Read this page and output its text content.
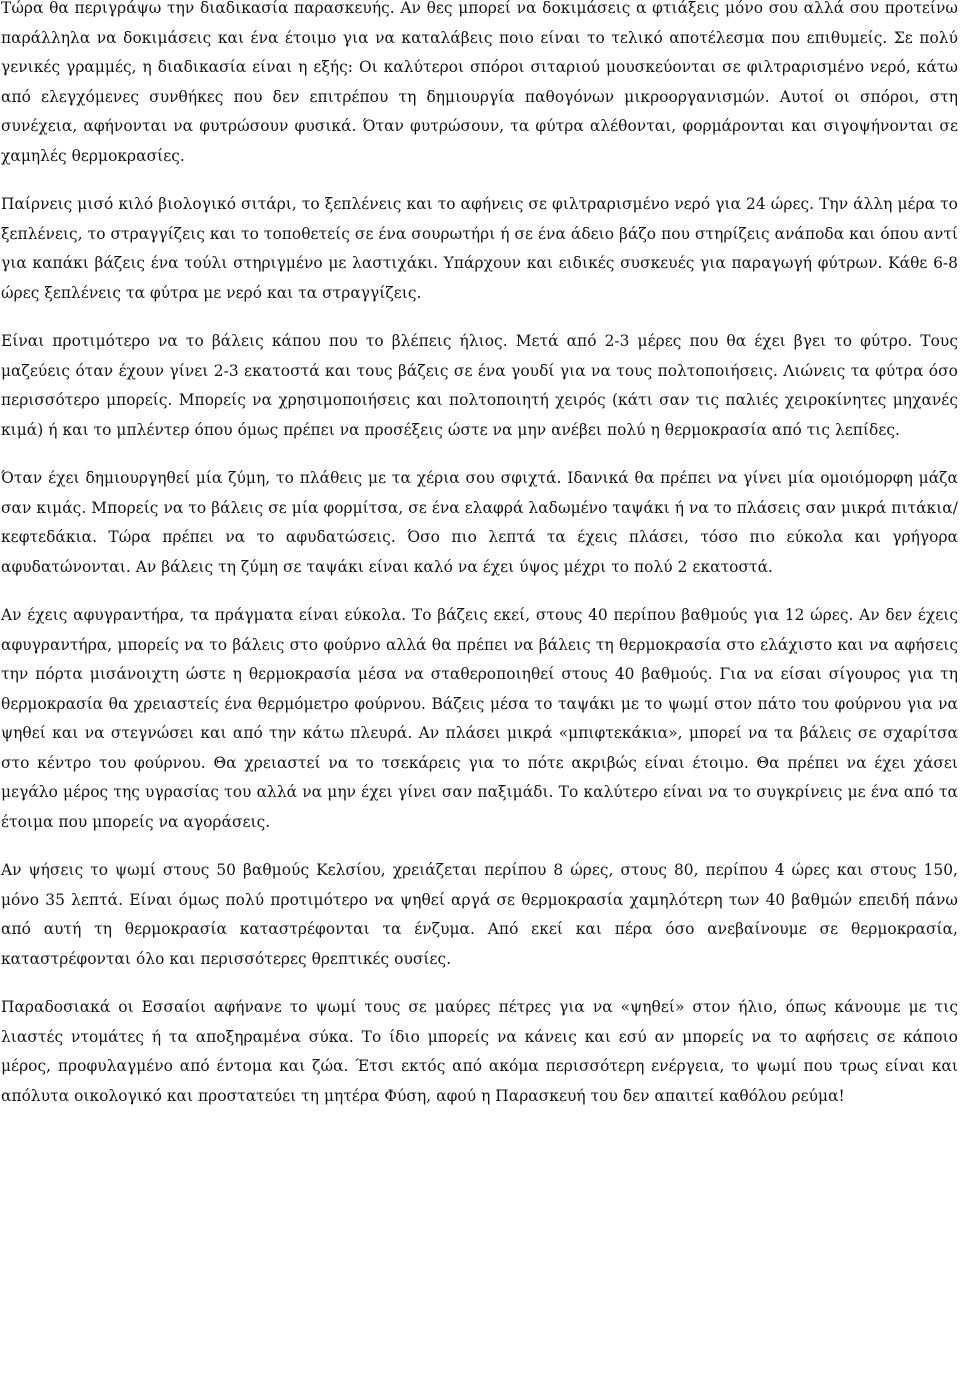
Τώρα θα περιγράψω την διαδικασία παρασκευής. Αν θες μπορεί να δοκιμάσεις α φτιάξεις μόνο σου αλλά σου προτείνω παράλληλα να δοκιμάσεις και ένα έτοιμο για να καταλάβεις ποιο είναι το τελικό αποτέλεσμα που επιθυμείς. Σε πολύ γενικές γραμμές, η διαδικασία είναι η εξής: Οι καλύτεροι σπόροι σιταριού μουσκεύονται σε φιλτραρισμένο νερό, κάτω από ελεγχόμενες συνθήκες που δεν επιτρέπου τη δημιουργία παθογόνων μικροοργανισμών. Αυτοί οι σπόροι, στη συνέχεια, αφήνονται να φυτρώσουν φυσικά. Όταν φυτρώσουν, τα φύτρα αλέθονται, φορμάρονται και σιγοψήνονται σε χαμηλές θερμοκρασίες.

Παίρνεις μισό κιλό βιολογικό σιτάρι, το ξεπλένεις και το αφήνεις σε φιλτραρισμένο νερό για 24 ώρες. Την άλλη μέρα το ξεπλένεις, το στραγγίζεις και το τοποθετείς σε ένα σουρωτήρι ή σε ένα άδειο βάζο που στηρίζεις ανάποδα και όπου αντί για καπάκι βάζεις ένα τούλι στηριγμένο με λαστιχάκι. Υπάρχουν και ειδικές συσκευές για παραγωγή φύτρων. Κάθε 6-8 ώρες ξεπλένεις τα φύτρα με νερό και τα στραγγίζεις.

Είναι προτιμότερο να το βάλεις κάπου που το βλέπεις ήλιος. Μετά από 2-3 μέρες που θα έχει βγει το φύτρο. Τους μαζεύεις όταν έχουν γίνει 2-3 εκατοστά και τους βάζεις σε ένα γουδί για να τους πολτοποιήσεις. Λιώνεις τα φύτρα όσο περισσότερο μπορείς. Μπορείς να χρησιμοποιήσεις και πολτοποιητή χειρός (κάτι σαν τις παλιές χειροκίνητες μηχανές κιμά) ή και το μπλέντερ όπου όμως πρέπει να προσέξεις ώστε να μην ανέβει πολύ η θερμοκρασία από τις λεπίδες.

Όταν έχει δημιουργηθεί μία ζύμη, το πλάθεις με τα χέρια σου σφιχτά. Ιδανικά θα πρέπει να γίνει μία ομοιόμορφη μάζα σαν κιμάς. Μπορείς να το βάλεις σε μία φορμίτσα, σε ένα ελαφρά λαδωμένο ταψάκι ή να το πλάσεις σαν μικρά πιτάκια/κεφτεδάκια. Τώρα πρέπει να το αφυδατώσεις. Όσο πιο λεπτά τα έχεις πλάσει, τόσο πιο εύκολα και γρήγορα αφυδατώνονται. Αν βάλεις τη ζύμη σε ταψάκι είναι καλό να έχει ύψος μέχρι το πολύ 2 εκατοστά.

Αν έχεις αφυγραντήρα, τα πράγματα είναι εύκολα. Το βάζεις εκεί, στους 40 περίπου βαθμούς για 12 ώρες. Αν δεν έχεις αφυγραντήρα, μπορείς να το βάλεις στο φούρνο αλλά θα πρέπει να βάλεις τη θερμοκρασία στο ελάχιστο και να αφήσεις την πόρτα μισάνοιχτη ώστε η θερμοκρασία μέσα να σταθεροποιηθεί στους 40 βαθμούς. Για να είσαι σίγουρος για τη θερμοκρασία θα χρειαστείς ένα θερμόμετρο φούρνου. Βάζεις μέσα το ταψάκι με το ψωμί στον πάτο του φούρνου για να ψηθεί και να στεγνώσει και από την κάτω πλευρά. Αν πλάσει μικρά «μπιφτεκάκια», μπορεί να τα βάλεις σε σχαρίτσα στο κέντρο του φούρνου. Θα χρειαστεί να το τσεκάρεις για το πότε ακριβώς είναι έτοιμο. Θα πρέπει να έχει χάσει μεγάλο μέρος της υγρασίας του αλλά να μην έχει γίνει σαν παξιμάδι. Το καλύτερο είναι να το συγκρίνεις με ένα από τα έτοιμα που μπορείς να αγοράσεις.

Αν ψήσεις το ψωμί στους 50 βαθμούς Κελσίου, χρειάζεται περίπου 8 ώρες, στους 80, περίπου 4 ώρες και στους 150, μόνο 35 λεπτά. Είναι όμως πολύ προτιμότερο να ψηθεί αργά σε θερμοκρασία χαμηλότερη των 40 βαθμών επειδή πάνω από αυτή τη θερμοκρασία καταστρέφονται τα ένζυμα. Από εκεί και πέρα όσο ανεβαίνουμε σε θερμοκρασία, καταστρέφονται όλο και περισσότερες θρεπτικές ουσίες.

Παραδοσιακά οι Εσσαίοι αφήνανε το ψωμί τους σε μαύρες πέτρες για να «ψηθεί» στον ήλιο, όπως κάνουμε με τις λιαστές ντομάτες ή τα αποξηραμένα σύκα. Το ίδιο μπορείς να κάνεις και εσύ αν μπορείς να το αφήσεις σε κάποιο μέρος, προφυλαγμένο από έντομα και ζώα. Έτσι εκτός από ακόμα περισσότερη ενέργεια, το ψωμί που τρως είναι και απόλυτα οικολογικό και προστατεύει τη μητέρα Φύση, αφού η Παρασκευή του δεν απαιτεί καθόλου ρεύμα!
